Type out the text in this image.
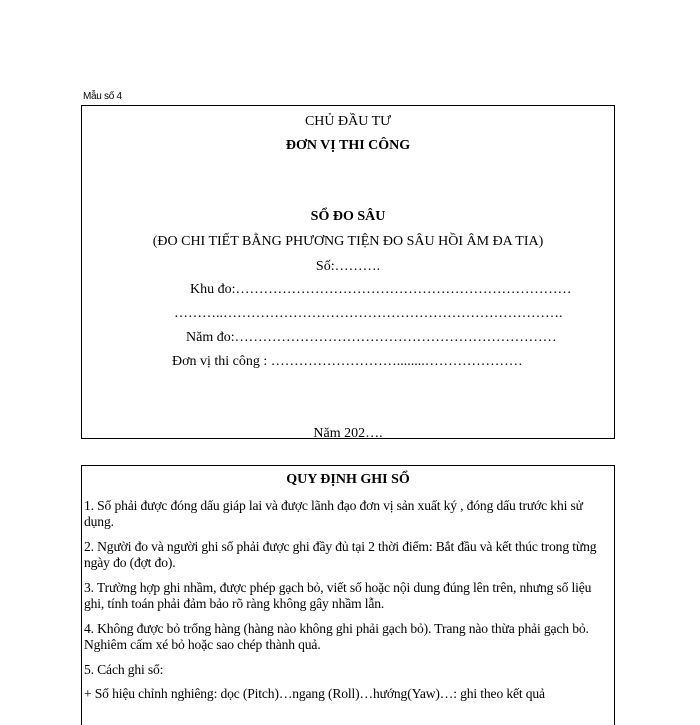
Mẫu số 4
CHỦ ĐẦU TƯ
ĐƠN VỊ THI CÔNG
SỔ ĐO SÂU
(ĐO CHI TIẾT BẰNG PHƯƠNG TIỆN ĐO SÂU HỒI ÂM ĐA TIA)
Số:……….
Khu đo:………………………………………………………………
………..……………………………………………………………….
Năm đo:……………………………………………………………
Đơn vị thi công : ………………………........…………………
Năm 202….
QUY ĐỊNH GHI SỔ
1. Sổ phải được đóng dấu giáp lai và được lãnh đạo đơn vị sản xuất ký , đóng dấu trước khi sử dụng.
2. Người đo và người ghi sổ phải được ghi đầy đủ tại 2 thời điểm: Bắt đầu và kết thúc trong từng ngày đo (đợt đo).
3. Trường hợp ghi nhầm, được phép gạch bỏ, viết số hoặc nội dung đúng lên trên, nhưng số liệu ghi, tính toán phải đảm bảo rõ ràng không gây nhầm lẫn.
4. Không được bỏ trống hàng (hàng nào không ghi phải gạch bỏ). Trang nào thừa phải gạch bỏ. Nghiêm cấm xé bỏ hoặc sao chép thành quả.
5. Cách ghi sổ:
+ Số hiệu chỉnh nghiêng: dọc (Pitch)…ngang (Roll)…hướng(Yaw)…: ghi theo kết quả
